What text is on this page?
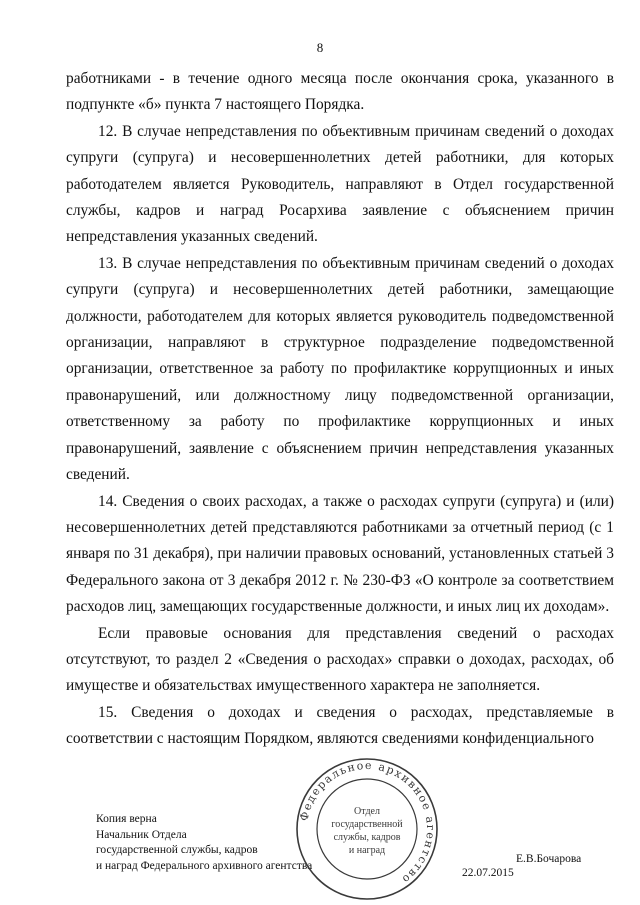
8

работниками - в течение одного месяца после окончания срока, указанного в подпункте «б» пункта 7 настоящего Порядка.

12. В случае непредставления по объективным причинам сведений о доходах супруги (супруга) и несовершеннолетних детей работники, для которых работодателем является Руководитель, направляют в Отдел государственной службы, кадров и наград Росархива заявление с объяснением причин непредставления указанных сведений.

13. В случае непредставления по объективным причинам сведений о доходах супруги (супруга) и несовершеннолетних детей работники, замещающие должности, работодателем для которых является руководитель подведомственной организации, направляют в структурное подразделение подведомственной организации, ответственное за работу по профилактике коррупционных и иных правонарушений, или должностному лицу подведомственной организации, ответственному за работу по профилактике коррупционных и иных правонарушений, заявление с объяснением причин непредставления указанных сведений.

14. Сведения о своих расходах, а также о расходах супруги (супруга) и (или) несовершеннолетних детей представляются работниками за отчетный период (с 1 января по 31 декабря), при наличии правовых оснований, установленных статьей 3 Федерального закона от 3 декабря 2012 г. № 230-ФЗ «О контроле за соответствием расходов лиц, замещающих государственные должности, и иных лиц их доходам».

Если правовые основания для представления сведений о расходах отсутствуют, то раздел 2 «Сведения о расходах» справки о доходах, расходах, об имуществе и обязательствах имущественного характера не заполняется.

15. Сведения о доходах и сведения о расходах, представляемые в соответствии с настоящим Порядком, являются сведениями конфиденциального

Копия верна
Начальник Отдела
государственной службы, кадров
и наград Федерального архивного агентства
Е.В.Бочарова
22.07.2015
Федеральное архивное агентство
Отдел
государственной
службы, кадров
и наград
